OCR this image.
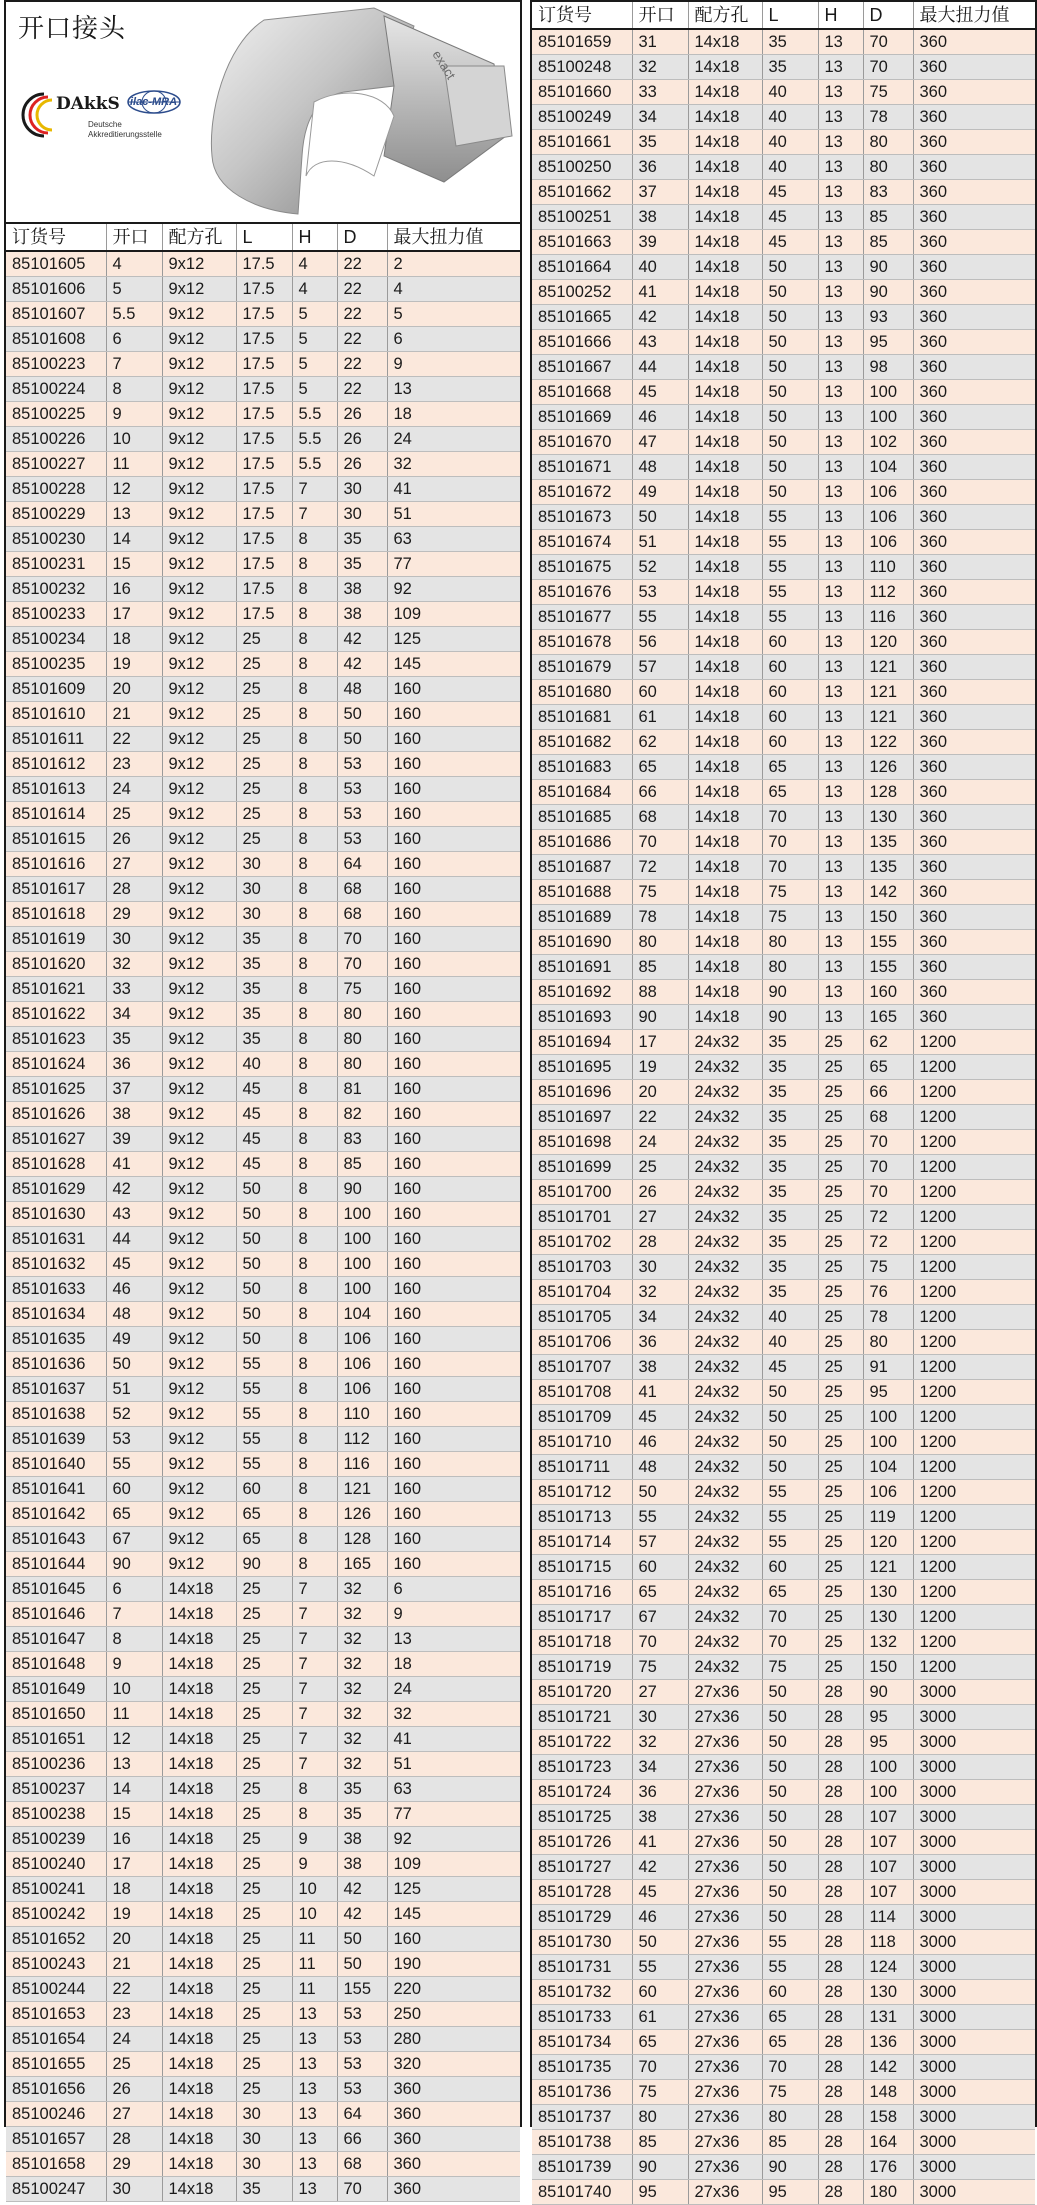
开口接头
DAkkS
Deutsche
Akkreditierungsstelle
ilac-MRA
exact
订货号	开口	配方孔	L	H	D	最大扭力值
85101605	4	9x12	17.5	4	22	2
85101606	5	9x12	17.5	4	22	4
85101607	5.5	9x12	17.5	5	22	5
85101608	6	9x12	17.5	5	22	6
85100223	7	9x12	17.5	5	22	9
85100224	8	9x12	17.5	5	22	13
85100225	9	9x12	17.5	5.5	26	18
85100226	10	9x12	17.5	5.5	26	24
85100227	11	9x12	17.5	5.5	26	32
85100228	12	9x12	17.5	7	30	41
85100229	13	9x12	17.5	7	30	51
85100230	14	9x12	17.5	8	35	63
85100231	15	9x12	17.5	8	35	77
85100232	16	9x12	17.5	8	38	92
85100233	17	9x12	17.5	8	38	109
85100234	18	9x12	25	8	42	125
85100235	19	9x12	25	8	42	145
85101609	20	9x12	25	8	48	160
85101610	21	9x12	25	8	50	160
85101611	22	9x12	25	8	50	160
85101612	23	9x12	25	8	53	160
85101613	24	9x12	25	8	53	160
85101614	25	9x12	25	8	53	160
85101615	26	9x12	25	8	53	160
85101616	27	9x12	30	8	64	160
85101617	28	9x12	30	8	68	160
85101618	29	9x12	30	8	68	160
85101619	30	9x12	35	8	70	160
85101620	32	9x12	35	8	70	160
85101621	33	9x12	35	8	75	160
85101622	34	9x12	35	8	80	160
85101623	35	9x12	35	8	80	160
85101624	36	9x12	40	8	80	160
85101625	37	9x12	45	8	81	160
85101626	38	9x12	45	8	82	160
85101627	39	9x12	45	8	83	160
85101628	41	9x12	45	8	85	160
85101629	42	9x12	50	8	90	160
85101630	43	9x12	50	8	100	160
85101631	44	9x12	50	8	100	160
85101632	45	9x12	50	8	100	160
85101633	46	9x12	50	8	100	160
85101634	48	9x12	50	8	104	160
85101635	49	9x12	50	8	106	160
85101636	50	9x12	55	8	106	160
85101637	51	9x12	55	8	106	160
85101638	52	9x12	55	8	110	160
85101639	53	9x12	55	8	112	160
85101640	55	9x12	55	8	116	160
85101641	60	9x12	60	8	121	160
85101642	65	9x12	65	8	126	160
85101643	67	9x12	65	8	128	160
85101644	90	9x12	90	8	165	160
85101645	6	14x18	25	7	32	6
85101646	7	14x18	25	7	32	9
85101647	8	14x18	25	7	32	13
85101648	9	14x18	25	7	32	18
85101649	10	14x18	25	7	32	24
85101650	11	14x18	25	7	32	32
85101651	12	14x18	25	7	32	41
85100236	13	14x18	25	7	32	51
85100237	14	14x18	25	8	35	63
85100238	15	14x18	25	8	35	77
85100239	16	14x18	25	9	38	92
85100240	17	14x18	25	9	38	109
85100241	18	14x18	25	10	42	125
85100242	19	14x18	25	10	42	145
85101652	20	14x18	25	11	50	160
85100243	21	14x18	25	11	50	190
85100244	22	14x18	25	11	155	220
85101653	23	14x18	25	13	53	250
85101654	24	14x18	25	13	53	280
85101655	25	14x18	25	13	53	320
85101656	26	14x18	25	13	53	360
85100246	27	14x18	30	13	64	360
85101657	28	14x18	30	13	66	360
85101658	29	14x18	30	13	68	360
85100247	30	14x18	35	13	70	360
订货号	开口	配方孔	L	H	D	最大扭力值
85101659	31	14x18	35	13	70	360
85100248	32	14x18	35	13	70	360
85101660	33	14x18	40	13	75	360
85100249	34	14x18	40	13	78	360
85101661	35	14x18	40	13	80	360
85100250	36	14x18	40	13	80	360
85101662	37	14x18	45	13	83	360
85100251	38	14x18	45	13	85	360
85101663	39	14x18	45	13	85	360
85101664	40	14x18	50	13	90	360
85100252	41	14x18	50	13	90	360
85101665	42	14x18	50	13	93	360
85101666	43	14x18	50	13	95	360
85101667	44	14x18	50	13	98	360
85101668	45	14x18	50	13	100	360
85101669	46	14x18	50	13	100	360
85101670	47	14x18	50	13	102	360
85101671	48	14x18	50	13	104	360
85101672	49	14x18	50	13	106	360
85101673	50	14x18	55	13	106	360
85101674	51	14x18	55	13	106	360
85101675	52	14x18	55	13	110	360
85101676	53	14x18	55	13	112	360
85101677	55	14x18	55	13	116	360
85101678	56	14x18	60	13	120	360
85101679	57	14x18	60	13	121	360
85101680	60	14x18	60	13	121	360
85101681	61	14x18	60	13	121	360
85101682	62	14x18	60	13	122	360
85101683	65	14x18	65	13	126	360
85101684	66	14x18	65	13	128	360
85101685	68	14x18	70	13	130	360
85101686	70	14x18	70	13	135	360
85101687	72	14x18	70	13	135	360
85101688	75	14x18	75	13	142	360
85101689	78	14x18	75	13	150	360
85101690	80	14x18	80	13	155	360
85101691	85	14x18	80	13	155	360
85101692	88	14x18	90	13	160	360
85101693	90	14x18	90	13	165	360
85101694	17	24x32	35	25	62	1200
85101695	19	24x32	35	25	65	1200
85101696	20	24x32	35	25	66	1200
85101697	22	24x32	35	25	68	1200
85101698	24	24x32	35	25	70	1200
85101699	25	24x32	35	25	70	1200
85101700	26	24x32	35	25	70	1200
85101701	27	24x32	35	25	72	1200
85101702	28	24x32	35	25	72	1200
85101703	30	24x32	35	25	75	1200
85101704	32	24x32	35	25	76	1200
85101705	34	24x32	40	25	78	1200
85101706	36	24x32	40	25	80	1200
85101707	38	24x32	45	25	91	1200
85101708	41	24x32	50	25	95	1200
85101709	45	24x32	50	25	100	1200
85101710	46	24x32	50	25	100	1200
85101711	48	24x32	50	25	104	1200
85101712	50	24x32	55	25	106	1200
85101713	55	24x32	55	25	119	1200
85101714	57	24x32	55	25	120	1200
85101715	60	24x32	60	25	121	1200
85101716	65	24x32	65	25	130	1200
85101717	67	24x32	70	25	130	1200
85101718	70	24x32	70	25	132	1200
85101719	75	24x32	75	25	150	1200
85101720	27	27x36	50	28	90	3000
85101721	30	27x36	50	28	95	3000
85101722	32	27x36	50	28	95	3000
85101723	34	27x36	50	28	100	3000
85101724	36	27x36	50	28	100	3000
85101725	38	27x36	50	28	107	3000
85101726	41	27x36	50	28	107	3000
85101727	42	27x36	50	28	107	3000
85101728	45	27x36	50	28	107	3000
85101729	46	27x36	50	28	114	3000
85101730	50	27x36	55	28	118	3000
85101731	55	27x36	55	28	124	3000
85101732	60	27x36	60	28	130	3000
85101733	61	27x36	65	28	131	3000
85101734	65	27x36	65	28	136	3000
85101735	70	27x36	70	28	142	3000
85101736	75	27x36	75	28	148	3000
85101737	80	27x36	80	28	158	3000
85101738	85	27x36	85	28	164	3000
85101739	90	27x36	90	28	176	3000
85101740	95	27x36	95	28	180	3000
